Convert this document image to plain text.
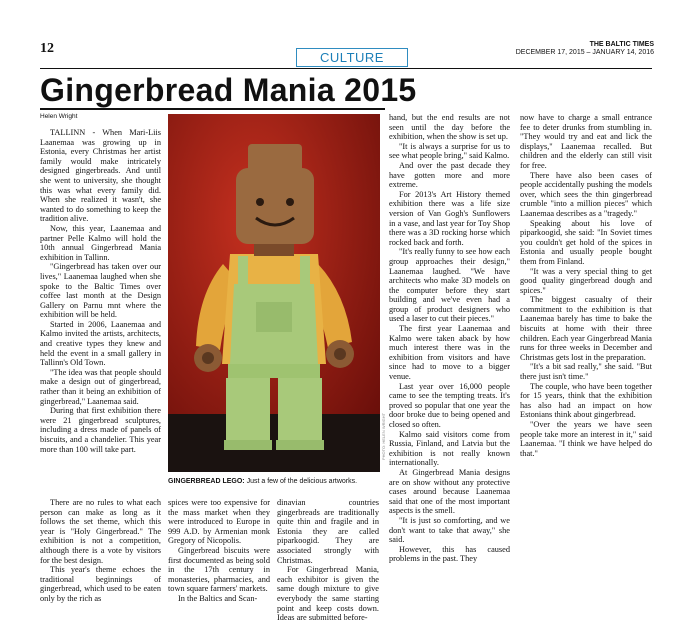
12
CULTURE
THE BALTIC TIMES
DECEMBER 17, 2015 – JANUARY 14, 2016
Gingerbread Mania 2015
Helen Wright

TALLINN - When Mari-Liis Laanemaa was growing up in Estonia, every Christmas her artist family would make intricately designed gingerbreads. And until she went to university, she thought this was what every family did. When she realized it wasn't, she wanted to do something to keep the tradition alive.

Now, this year, Laanemaa and partner Pelle Kalmo will hold the 10th annual Gingerbread Mania exhibition in Tallinn.

"Gingerbread has taken over our lives," Laanemaa laughed when she spoke to the Baltic Times over coffee last month at the Design Gallery on Parnu mnt where the exhibition will be held.

Started in 2006, Laanemaa and Kalmo invited the artists, architects, and creative types they knew and held the event in a small gallery in Tallinn's Old Town.

"The idea was that people should make a design out of gingerbread, rather than it being an exhibition of gingerbread," Laanemaa said.

During that first exhibition there were 21 gingerbread sculptures, including a dress made of panels of biscuits, and a chandelier. This year more than 100 will take part.	PHOTO: HELEN WRIGHT
GINGERBREAD LEGO: Just a few of the delicious artworks.

There are no rules to what each person can make as long as it follows the set theme, which this year is "Holy Gingerbread." The exhibition is not a competition, although there is a vote by visitors for the best design.

This year's theme echoes the traditional beginnings of gingerbread, which used to be eaten only by the rich as

spices were too expensive for the mass market when they were introduced to Europe in 999 A.D. by Armenian monk Gregory of Nicopolis.

Gingerbread biscuits were first documented as being sold in the 17th century in monasteries, pharmacies, and town square farmers' markets.

In the Baltics and Scan-

dinavian countries gingerbreads are traditionally quite thin and fragile and in Estonia they are called piparkoogid. They are associated strongly with Christmas.

For Gingerbread Mania, each exhibitor is given the same dough mixture to give everybody the same starting point and keep costs down. Ideas are submitted before-

hand, but the end results are not seen until the day before the exhibition, when the show is set up.

"It is always a surprise for us to see what people bring," said Kalmo.

And over the past decade they have gotten more and more extreme.

For 2013's Art History themed exhibition there was a life size version of Van Gogh's Sunflowers in a vase, and last year for Toy Shop there was a 3D rocking horse which rocked back and forth.

"It's really funny to see how each group approaches their design," Laanemaa laughed. "We have architects who make 3D models on the computer before they start building and we've even had a group of product designers who used a laser to cut their pieces."

The first year Laanemaa and Kalmo were taken aback by how much interest there was in the exhibition from visitors and have since had to move to a bigger venue.

Last year over 16,000 people came to see the tempting treats. It's proved so popular that one year the door broke due to being opened and closed so often.

Kalmo said visitors come from Russia, Finland, and Latvia but the exhibition is not really known internationally.

At Gingerbread Mania designs are on show without any protective cases around because Laanemaa said that one of the most important aspects is the smell.

"It is just so comforting, and we don't want to take that away," she said.

However, this has caused problems in the past. They

now have to charge a small entrance fee to deter drunks from stumbling in. "They would try and eat and lick the displays," Laanemaa recalled. But children and the elderly can still visit for free.

There have also been cases of people accidentally pushing the models over, which sees the thin gingerbread crumble "into a million pieces" which Laanemaa describes as a "tragedy."

Speaking about his love of piparkoogid, she said: "In Soviet times you couldn't get hold of the spices in Estonia and usually people bought them from Finland.

"It was a very special thing to get good quality gingerbread dough and spices."

The biggest casualty of their commitment to the exhibition is that Laanemaa barely has time to bake the biscuits at home with their three children. Each year Gingerbread Mania runs for three weeks in December and Christmas gets lost in the preparation.

"It's a bit sad really," she said. "But there just isn't time."

The couple, who have been together for 15 years, think that the exhibition has also had an impact on how Estonians think about gingerbread.

"Over the years we have seen people take more an interest in it," said Laanemaa. "I think we have helped do that."
